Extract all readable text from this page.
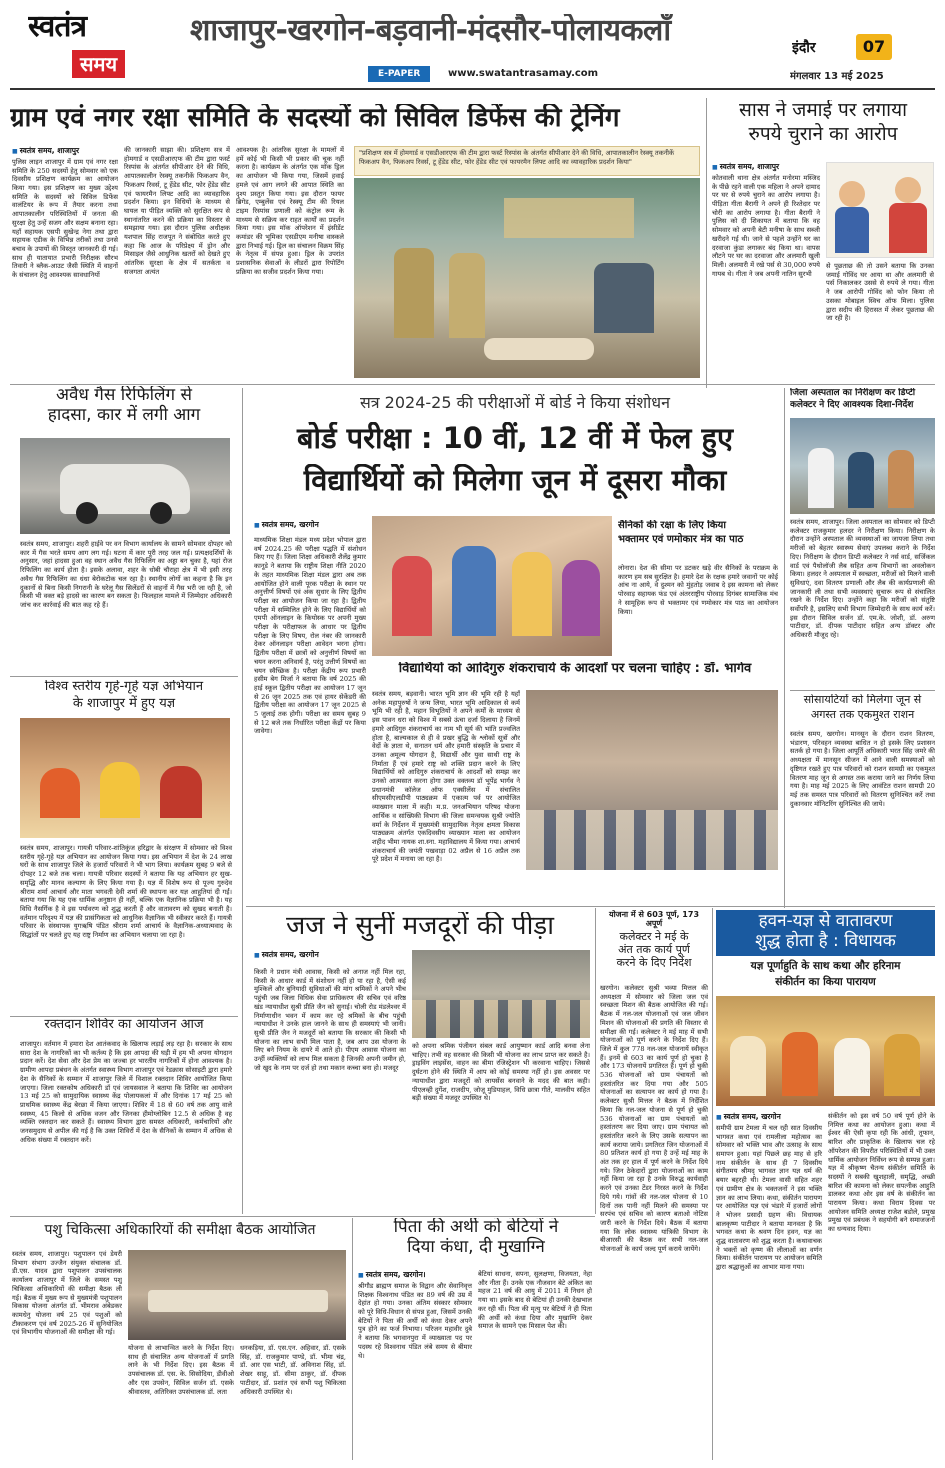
स्वतंत्र
समय
शाजापुर-खरगोन-बड़वानी-मंदसौर-पोलायकलाँ	इंदौर	07
E-PAPER	www.swatantrasamay.com	मंगलवार 13 मई 2025
ग्राम एवं नगर रक्षा समिति के सदस्यों को सिविल डिफेंस की ट्रेनिंग
■ स्वतंत्र समय, शाजापुर

पुलिस लाइन शाजापुर में ग्राम एवं नगर रक्षा समिति के 250 सदस्यों हेतु सोमवार को एक दिवसीय प्रशिक्षण कार्यक्रम का आयोजन किया गया। इस प्रशिक्षण का मुख्य उद्देश्य समिति के सदस्यों को सिविल डिफेंस वालंटियर के रूप में तैयार करना तथा आपातकालीन परिस्थितियों में जनता की सुरक्षा हेतु उन्हें सजग और सक्षम बनाना रहा। यहाँ सहायक एसपी सुखेन्द्र नेगा तथा द्वारा सहायक एडीक के विभिन्न तरीकों तथा उनसे बचाव के उपायों की विस्तृत जानकारी दी गई। साथ ही यातायात प्रभारी निरीक्षक सौरभ तिवारी ने ब्लैक-आउट जैसी स्थिति में वाहनों के संचालन हेतु आवश्यक सावधानियों

की जानकारी साझा की। प्रशिक्षण सत्र में होमगार्ड व एसडीआरएफ की टीम द्वारा फर्स्ट रिस्पांस के अंतर्गत सीपीआर देने की विधि, आपातकालीन रेस्क्यू तकनीकें फिकअप वैन, फिकअप रिवर्स, टू हेंडेड सीट, फोर हेंडेड सीट एवं फायरमैन लिफ्ट आदि का व्यावहारिक प्रदर्शन किया। इन विधियों के माध्यम से घायल या पीड़ित व्यक्ति को सुरक्षित रूप से स्थानांतरित करने की प्रक्रिया का विस्तार से समझाया गया। इस दौरान पुलिस अधीक्षक यशपाल सिंह राजपूत ने संबोधित करते हुए कहा कि आज के परिप्रेक्ष्य में ड्रोन और मिसाइल जैसे आधुनिक खतरों को देखते हुए आंतरिक सुरक्षा के क्षेत्र में सतर्कता व सजगता अत्यंत

आवश्यक है। आंतरिक सुरक्षा के मामलों में हमें कोई भी किसी भी प्रकार की चूक नहीं करना है। कार्यक्रम के अंतर्गत एक मॉक ड्रिल का आयोजन भी किया गया, जिसमें हवाई हमले एवं आग लगने की आपात स्थिति का दृश्य प्रस्तुत किया गया। इस दौरान फायर ब्रिगेड, एम्बुलेंस एवं रेस्क्यू टीम की रियल टाइम रिस्पांस प्रणाली को कंट्रोल रूम के माध्यम से सक्रिय कर राहत कार्यों का प्रदर्शन किया गया। इस मॉक ऑपरेशन में इंसीडेंट कमांडर की भूमिका एसडीएम मनीषा वास्कले द्वारा निभाई गई। ड्रिल का संचालन विक्रम सिंह के नेतृत्व में संपन्न हुआ। ड्रिल के उपरांत प्रशासनिक सेवाओं के लीडरों द्वारा रिपोर्टिंग प्रक्रिया का सजीव प्रदर्शन किया गया।

"प्रशिक्षण सत्र में होमगार्ड व एसडीआरएफ की टीम द्वारा फर्स्ट रिस्पांस के अंतर्गत सीपीआर देने की विधि, आपातकालीन रेस्क्यू तकनीकें फिकअप वैन, फिकअप रिवर्स, टू हेंडेड सीट, फोर हेंडेड सीट एवं फायरमैन लिफ्ट आदि का व्यावहारिक प्रदर्शन किया"
सास ने जमाई पर लगाया
रुपये चुराने का आरोप
■ स्वतंत्र समय, शाजापुर

कोतवाली थाना क्षेत्र अंतर्गत मनोरमा मस्जिद के पीछे रहने वाली एक महिला ने अपने दामाद पर घर से रुपये चुराने का आरोप लगाया है। पीड़िता गीता बैरागी ने अपने ही रिश्तेदार पर चोरी का आरोप लगाया है। गीता बैरागी ने पुलिस को दी शिकायत में बताया कि वह सोमवार को अपनी बेटी मनीषा के साथ सब्जी खरीदने गई थी। जाने से पहले उन्होंने घर का दरवाजा कुंडा लगाकर बंद किया था। वापस लौटने पर घर का दरवाजा और अलमारी खुली मिली। अलमारी में रखे पर्स से 30,000 रुपये गायब थे। गीता ने जब अपनी नातिन सुरभी

से पूछताछ की तो उसने बताया कि उनका जमाई गोविंद घर आया था और अलमारी से पर्स निकालकर उससे से रुपये ले गया। गीता ने जब आरोपी गोविंद को फोन किया तो उसका मोबाइल स्विच ऑफ मिला। पुलिस द्वारा सदीप की हिरासत में लेकर पूछताछ की जा रही है।

अवैध गैस रिफिलिंग से
हादसा, कार में लगी आग
स्वतंत्र समय, शाजापुर। शहरी हाईवे पर वन विभाग कार्यालय के सामने सोमवार दोपहर को कार में गैस भरते समय आग लग गई। घटना में कार पूरी तरह जल गई। प्रत्यक्षदर्शियों के अनुसार, जहां हादसा हुआ वह स्थान अवैध गैस रिफिलिंग का अड्डा बन चुका है, यहां रोज रिफिलिंग का कार्य होता है। इसके अलावा, शहर के धोबी चौराहा क्षेत्र में भी इसी तरह अवैध गैस रिफिलिंग का धंधा बेरोकटोक चल रहा है। स्थानीय लोगों का कहना है कि इन दुकानों से बिना किसी निगरानी के घरेलू गैस सिलेंडरों से वाहनों में गैस भरी जा रही है, जो किसी भी वक्त बड़े हादसे का कारण बन सकता है। फिलहाल मामले में जिम्मेदार अधिकारी जांच कर कार्रवाई की बात कह रहे हैं।
विश्व स्तरीय गृहे-गृहे यज्ञ अभियान
के शाजापुर में हुए यज्ञ
स्वतंत्र समय, शाजापुर। गायत्री परिवार-शांतिकुंज हरिद्वार के संरक्षण में सोमवार को विश्व स्तरीय गृहे-गृहे यज्ञ अभियान का आयोजन किया गया। इस अभियान में देश के 24 लाख घरों के साथ शाजापुर जिले के हजारों परिवारों ने भी भाग लिया। कार्यक्रम सुबह 9 बजे से दोपहर 12 बजे तक चला। गायत्री परिवार सदस्यों ने बताया कि यह अभियान हर सुख-समृद्धि और मानव कल्याण के लिए किया गया है। यज्ञ में विशेष रूप से पूज्य गुरुदेव श्रीराम शर्मा आचार्य और माता भगवती देवी शर्मा की स्थापना कर यज्ञ आहुतियां दी गईं। बताया गया कि यह एक धार्मिक अनुष्ठान ही नहीं, बल्कि एक वैज्ञानिक प्रक्रिया भी है। यह विधि नैसर्गिक है वे इस पर्यावरण को शुद्ध करती हैं और वातावरण को सुखद बनाती है। वर्तमान परिदृश्य में यज्ञ की प्रासंगिकता को आधुनिक वैज्ञानिक भी स्वीकार करते हैं। गायत्री परिवार के संस्थापक युगऋषि पंडित श्रीराम शर्मा आचार्य के वैज्ञानिक-अध्यात्मवाद के सिद्धांतों पर चलते हुए यह राष्ट्र निर्माण का अभियान चलाया जा रहा है।
रक्तदान शिविर का आयोजन आज
शाजापुर। वर्तमान में हमारा देश आतंकवाद के खिलाफ लड़ाई लड़ रहा है। सरकार के साथ सारा देश के नागरिकों का भी कर्तव्य है कि इस आपदा की घड़ी में हम भी अपना योगदान प्रदान करें। देश सेवा और देश प्रेम का जज्बा हर भारतीय नागरिकों में होना आवश्यक है। ग्रामीण आपदा प्रबंधन के अंतर्गत स्वास्थ्य विभाग शाजापुर एवं रेडक्रास सोसाइटी द्वारा हमारे देश के सैनिकों के सम्मान में शाजापुर जिले में विशाल रक्तदान शिविर आयोजित किया जाएगा। जिला रक्तकोष अधिकारी डॉ एवं जायसवाल ने बताया कि शिविर का आयोजन 13 मई 25 को सामुदायिक स्वास्थ्य केंद्र पोलायकलां में और दिनांक 17 मई 25 को प्राथमिक स्वास्थ्य केंद्र बेरछा में किया जाएगा। शिविर में 18 से 60 वर्ष तक आयु वाले स्वस्थ्य, 45 किलो से अधिक वजन और जिनका हीमोग्लोबिन 12.5 से अधिक है वह व्यक्ति रक्तदान कर सकते हैं। स्वास्थ्य विभाग द्वारा समस्त अधिकारी, कर्मचारियों और जनसमुदाय से अपील की गई है कि उक्त शिविरों में देश के सैनिकों के सम्मान में अधिक से अधिक संख्या में रक्तदान करें।
सत्र 2024-25 की परीक्षाओं में बोर्ड ने किया संशोधन
बोर्ड परीक्षा : 10 वीं, 12 वीं में फेल हुए
विद्यार्थियों को मिलेगा जून में दूसरा मौका
■ स्वतंत्र समय, खरगोन
माध्यमिक शिक्षा मंडल मध्य प्रदेश भोपाल द्वारा वर्ष 2024.25 की परीक्षा पद्धति में संशोधन किए गए हैं। जिला शिक्षा अधिकारी शैलेंद्र कुमार कानूडे ने बताया कि राष्ट्रीय शिक्षा नीति 2020 के तहत माध्यमिक शिक्षा मंडल द्वारा अब तक आयोजित होने वाली पूरक परीक्षा के स्थान पर अनुत्तीर्ण विषयों एवं अंक सुधार के लिए द्वितीय परीक्षा का आयोजन किया जा रहा है। द्वितीय परीक्षा में सम्मिलित होने के लिए विद्यार्थियों को एमपी ऑनलाइन के कियोस्क पर अपनी मुख्य परीक्षा के परीक्षाफल के आधार पर द्वितीय परीक्षा के लिए विषय, रोल नंबर की जानकारी देकर ऑनलाइन परीक्षा आवेदन भरना होगा। द्वितीय परीक्षा में छात्रों को अनुत्तीर्ण विषयों का चयन करना अनिवार्य है, परंतु उत्तीर्ण विषयों का चयन स्वैच्छिक है। परीक्षा केंद्रीय रूप प्रभारी हसीम बेग मिर्जा ने बताया कि वर्ष 2025 की हाई स्कूल द्वितीय परीक्षा का आयोजन 17 जून से 26 जून 2025 तक एवं हायर सेकेंडरी की द्वितीय परीक्षा का आयोजन 17 जून 2025 से 5 जुलाई तक होगी। परीक्षा का समय सुबह 9 से 12 बजे तक निर्धारित परीक्षा केंद्रों पर किया जावेगा।
सैनिकों की रक्षा के लिए किया
भक्तामर एवं णमोकार मंत्र का पाठ
लोनारा। देश की सीमा पर डटकर खड़े वीर सैनिकों के पराक्रम के कारण हम सब सुरक्षित है। हमारे देश के रक्षक हमारे जवानों पर कोई आंच ना आये, वे दुश्मन को मुंहतोड़ जवाब दे इस कामना को लेकर पोरवाड़ सहायक फंड एवं अंतरराष्ट्रीय पोरवाड़ दिगंबर सामाजिक मंच ने सामूहिक रूप से भक्तामर एवं णमोकार मंत्र पाठ का आयोजन किया।
विद्यार्थियों को आदिगुरु शंकराचार्य के आदर्शों पर चलना चाहिए : डॉ. भार्गव
स्वतंत्र समय, बड़वानी। भारत भूमि ज्ञान की भूमि रही है यहाँ अनेक महापुरुषों ने जन्म लिया, भारत भूमि आदिकाल से कर्म भूमि भी रही है, महान विभूतियों ने अपने कर्मों के माध्यम से इस पावन धरा को विश्व में सबसे ऊंचा दर्जा दिलाया है जिनमें हमारे आदिगुरु शंकराचार्य का नाम भी सूर्य की भांति प्रज्वलित होता है, बाल्यकाल से ही वे प्रखर बुद्धि के श्लोकों सूत्रों और वेदों के ज्ञाता थे, सनातन धर्म और हमारी संस्कृति के प्रचार में उनका अमूल्य योगदान है, विद्यार्थी और युवा साथी राष्ट्र के निर्माता हैं एवं हमारे राष्ट्र को शक्ति प्रदान करने के लिए विद्यार्थियों को आदिगुरु शंकराचार्य के आदर्शों को समझ कर उनको आत्मसात करना होगा उक्त वक्तव्य डॉ भूपेंद्र भार्गव ने प्रधानमंत्री कॉलेज ऑफ एक्सीलेंस में संचालित सीएमसीएलडीपी पाठ्यक्रम में एकात्म पर्व पर आयोजित व्याख्यान माला में कही। म.प्र. जनअभियान परिषद योजना आर्थिक व सांख्यिकी विभाग की जिला समन्वयक सुश्री ज्योति वर्मा के निर्देशन में मुख्यमंत्री सामुदायिक नेतृत्व क्षमता विकास पाठ्यक्रम अंतर्गत एकदिवसीय व्याख्यान माला का आयोजन शहीद भीमा नायक शा.स्ना. महाविद्यालय में किया गया। आचार्य शंकराचार्य की जयंती पखवाड़ा 02 अप्रैल से 16 अप्रैल तक पूरे प्रदेश में मनाया जा रहा है।
जिला अस्पताल का निरीक्षण कर डिप्टी
कलेक्टर ने दिए आवश्यक दिशा-निर्देश
स्वतंत्र समय, शाजापुर। जिला अस्पताल का सोमवार को डिप्टी कलेक्टर राजकुमार हलदर ने निरीक्षण किया। निरीक्षण के दौरान उन्होंने अस्पताल की व्यवस्थाओं का जायजा लिया तथा मरीजों को बेहतर स्वास्थ्य सेवाएं उपलब्ध कराने के निर्देश दिए। निरीक्षण के दौरान डिप्टी कलेक्टर ने नर्स वार्ड, सर्जिकल वार्ड एवं पैथोलॉजी लैब सहित अन्य विभागों का अवलोकन किया। हलदर ने अस्पताल में स्वच्छता, मरीजों को मिलने वाली सुविधाएं, दवा वितरण प्रणाली और लैब की कार्यप्रणाली की जानकारी ली तथा सभी व्यवस्थाएं सुचारू रूप से संचालित रखने के निर्देश दिए। उन्होंने कहा कि मरीजों को संतुष्टि सर्वोपरि है, इसलिए सभी विभाग जिम्मेदारी के साथ कार्य करें। इस दौरान सिविल सर्जन डॉ. एम.के. जोशी, डॉ. अरुण पाटीदार, डॉ. दीपक पाटीदार सहित अन्य डॉक्टर और अधिकारी मौजूद रहे।
सोसायटियों को मिलेगा जून से
अगस्त तक एकमुश्त राशन
स्वतंत्र समय, खरगोन। मानसून के दौरान राशन वितरण, भंडारण, परिवहन व्यवस्था बाधित न हो इसके लिए प्रशासन सतर्क हो गया है। जिला आपूर्ति अधिकारी भरत सिंह जमरे की अध्यक्षता में मानसून सीजन में आने वाली समस्याओं को दृष्टिगत रखते हुए पात्र परिवारों को राशन सामग्री का एकमुश्त वितरण माह जून से अगस्त तक कराया जाने का निर्णय लिया गया है। माह मई 2025 के लिए आवंटित राशन सामग्री 20 मई तक समस्त पात्र परिवारों को वितरण सुनिश्चित करें तथा दुकानवार मॉनिटरिंग सुनिश्चित की जाये।
जज ने सुनीं मजदूरों की पीड़ा
■ स्वतंत्र समय, खरगोन
किसी ने प्रधान मंत्री आवास, किसी को अनाज नहीं मिल रहा, किसी के आधार कार्ड में संशोधन नहीं हो पा रहा है, ऐसी कई मुश्किलें और बुनियादी सुविधाओं की मांग श्रमिकों ने अपने भीच पहुंची जब जिला विधिक सेवा प्राधिकरण की सचिव एवं वरिष्ठ खंड न्यायाधीश सुश्री प्रीति जैन को सुनाई। चोली रोड मंडलेश्वर में निर्माणाधीन भवन में काम कर रहे श्रमिकों के बीच पहुंची न्यायाधीश ने उनके हाल जानने के साथ ही समस्याएं भी जानी। सुश्री प्रीति जैन ने मजदूरों को बताया कि सरकार की किसी भी योजना का लाभ सभी मिल पाता है, जब आप उस योजना के लिए बने नियम के दायरे में आते हो। पीएम आवास योजना का उन्हीं व्यक्तियों को लाभ मिल सकता है जिनकी अपनी जमीन हो, जो खुद के नाम पर दर्ज हो तथा मकान कच्चा बना हो। मजदूर
को अपना श्रमिक पंजीयन संबल कार्ड आयुष्मान कार्ड आदि बनवा लेना चाहिए। तभी वह सरकार की किसी भी योजना का लाभ प्राप्त कर सकते है। ड्राइविंग लाइसेंस, वाहन का बीमा रजिस्ट्रेशन भी करवाना चाहिए। जिससे दुर्घटना होने की स्थिति में आप को कोई समस्या नहीं हो। इस अवसर पर न्यायाधीश द्वारा मजदूरों को लायसेंस बनवाने के मदद की बात कही। पीएलव्ही दुर्गेश, राजदीप, जोजू मुडियाहल, विधि छात्रा गीते, मालवीय सहित बड़ी संख्या में मजदूर उपस्थित थे।
योजना में से 603 पूर्ण, 173 अपूर्ण
कलेक्टर ने मई के
अंत तक कार्य पूर्ण
करने के दिए निर्देश
खरगोन। कलेक्टर सुश्री भव्या मित्तल की अध्यक्षता में सोमवार को जिला जल एवं स्वच्छता मिशन की बैठक आयोजित की गई। बैठक में नल-जल योजनाओं एवं जल जीवन मिशन की योजनाओं की प्रगति की विस्तार से समीक्षा की गई। कलेक्टर ने मई माह में सभी योजनाओं को पूर्ण करने के निर्देश दिए हैं। जिले में कुल 778 नल-जल योजनायें स्वीकृत हैं। इनमें से 603 का कार्य पूर्ण हो चुका है और 173 योजनायें प्रगतिरत हैं। पूर्ण हो चुकी 536 योजनाओं को ग्राम पंचायतों को हस्तांतरित कर दिया गया और 505 योजनाओं का सत्यापन का कार्य हो गया है। कलेक्टर सुश्री मित्तल ने बैठक में निर्देशित किया कि नल-जल योजना से पूर्ण हो चुकी 536 योजनाओं का ग्राम पंचायतों को हस्तांतरण कर दिया जाए। ग्राम पंचायत को हस्तांतरित करने के लिए उसके सत्यापन का कार्य कराया जाये। प्रगतिरत जिन योजनाओं में 80 प्रतिशत कार्य हो गया है उन्हें मई माह के अंत तक हर हाल में पूर्ण करने के निर्देश दिये गये। जिन ठेकेदारों द्वारा योजनाओं का काम नहीं किया जा रहा है उनके विरुद्ध कार्यवाही करने एवं उनका टेंडर निरस्त करने के निर्देश दिये गये। गांवों की नल-जल योजना से 10 दिनों तक पानी नहीं मिलने की समस्या पर सरपंच एवं सचिव को कारण बताओ नोटिस जारी करने के निर्देश दिये। बैठक में बताया गया कि लोक स्वास्थ्य यांत्रिकी विभाग के बीआरसी की बैठक कर सभी नल-जल योजनाओं के कार्य जल्द पूर्ण कराये जायेंगे।
हवन-यज्ञ से वातावरण
शुद्ध होता है : विधायक
यज्ञ पूर्णाहुति के साथ कथा और हरिनाम
संकीर्तन का किया पारायण
■ स्वतंत्र समय, खरगोन

समीपी ग्राम टेमला में चल रही सात दिवसीय भागवत कथा एवं रामलीला महोत्सव का सोमवार को भक्ति भाव और उत्साह के साथ समापन हुआ। यहां पिछले छह माह से हरि नाम संकीर्तन के साथ ही 7 दिवसीय संगीतमय श्रीमद् भागवत ज्ञान यज्ञ धर्म की बयार बहरही थी। टेमला वासी सहित शहर एवं ग्रामीण क्षेत्र के भक्तजनों ने इस भक्ति ज्ञान का लाभ लिया। कथा, संकीर्तन पारायण पर आयोजित यज्ञ एवं भंडारे में हजारों लोगों ने भोजन प्रसादी ग्रहण की। विधायक बालकृष्ण पाटीदार ने बताया मानवता है कि भगवत कथा के श्रवण दिन हवन, यज्ञ का शुद्ध वातावरण को शुद्ध करता है। कथावाचक ने भक्तों को कृष्ण की लीलाओं का वर्णन किया। संकीर्तन पारायण पर आयोजन समिति द्वारा श्रद्धालुओं का आभार माना गया।

संकीर्तन को इस वर्ष 50 वर्ष पूर्ण होने के निमित्त कथा का आयोजन हुआ। कथा में ईश्वर की ऐसी कृपा रही कि आंधी, तूफान, बारिश और प्राकृतिक के खिलाफ चल रहे ऑपरेशन की विपरीत परिस्थितियों में भी उक्त धार्मिक आयोजन निर्विघ्न रूप से सम्पन्न हुआ। यज्ञ में श्रीकृष्ण चैतन्य संकीर्तन समिति के सदस्यों ने सबकी खुशहाली, समृद्धि, अच्छी बारिश की कामना को लेकर सपत्नीक आहुति डालकर कथा ओर इस वर्ष के संकीर्तन का पारायण किया। कथा विराम दिवस पर आयोजन समिति अध्यक्ष राजेश बडोले, प्रमुख प्रमुख एवं प्रबंधक ने सहयोगी बने समाजजनों का धन्यवाद दिया।
पशु चिकित्सा अधिकारियों की समीक्षा बैठक आयोजित
स्वतंत्र समय, शाजापुर। पशुपालन एवं डेयरी विभाग संभाग उज्जैन संयुक्त संचालक डॉ. डी.एस. यादव द्वारा पशुपालन उपसंचालक कार्यालय शाजापुर में जिले के समस्त पशु चिकित्सा अधिकारियों की समीक्षा बैठक ली गई। बैठक में मुख्य रूप से मुख्यमंत्री पशुपालन विकास योजना अंतर्गत डॉ. भीमराव अंबेडकर कामधेनु योजना वर्ष 25 एवं पशुओं को टीकाकरण एवं वर्ष 2025-26 में सुनियोजित एवं विभागीय योजनाओं की समीक्षा की गई।
योजना से लाभान्वित करने के निर्देश दिए। साथ ही संचालित अन्य योजनाओं में प्रगति लाने के भी निर्देश दिए। इस बैठक में उपसंचालक डॉ. एस. के. सिसोदिया, डीवीओ और एस उपसेन, सिविल सर्जन डॉ. एसके श्रीवास्तव, अतिरिक्त उपसंचालक डॉ. लता
धनकड़िया, डॉ. एस.एन. अहिवार, डॉ. एसके सिंह, डॉ. राजकुमार पाण्डे, डॉ. भीमा चंद्र, डॉ. आर एस भाटी, डॉ. अविनाश सिंह, डॉ. शेखर साहू, डॉ. सीमा ठाकुर, डॉ. दीपक पाटीदार, डॉ. प्रशांत एवं सभी पशु चिकित्सा अधिकारी उपस्थित थे।
पिता की अर्थी को बेटियों ने
दिया कंधा, दी मुखाग्नि
■ स्वतंत्र समय, खरगोन।

श्रीगौड ब्राह्मण समाज के विद्वान और सेवानिवृत्त शिक्षक विश्वनाथ पंडित का 89 वर्ष की उम्र में देहांत हो गया। उनका अंतिम संस्कार सोमवार को पूरे विधि-विधान से संपन्न हुआ, जिसमें उनकी बेटियों ने पिता की अर्थी को कंधा देकर अपने पुत्र होने का फर्ज निभाया। परिजन महावीर दुबे ने बताया कि भगवानपुरा में व्याख्याता पद पर पदस्थ रहे विश्वनाथ पंडित लंबे समय से बीमार थे।

बेटियां साधना, सपना, सुलक्षणा, विजयता, नेहा और नीता हैं। उनके एक नौजवान बेटे अंकित का महज 21 वर्ष की आयु में 2011 में निधन हो गया था। इसके बाद से बेटियां ही उनकी देखभाल कर रही थीं। पिता की मृत्यु पर बेटियों ने ही पिता की अर्थी को कंधा दिया और मुखाग्नि देकर समाज के सामने एक मिसाल पेश की।
